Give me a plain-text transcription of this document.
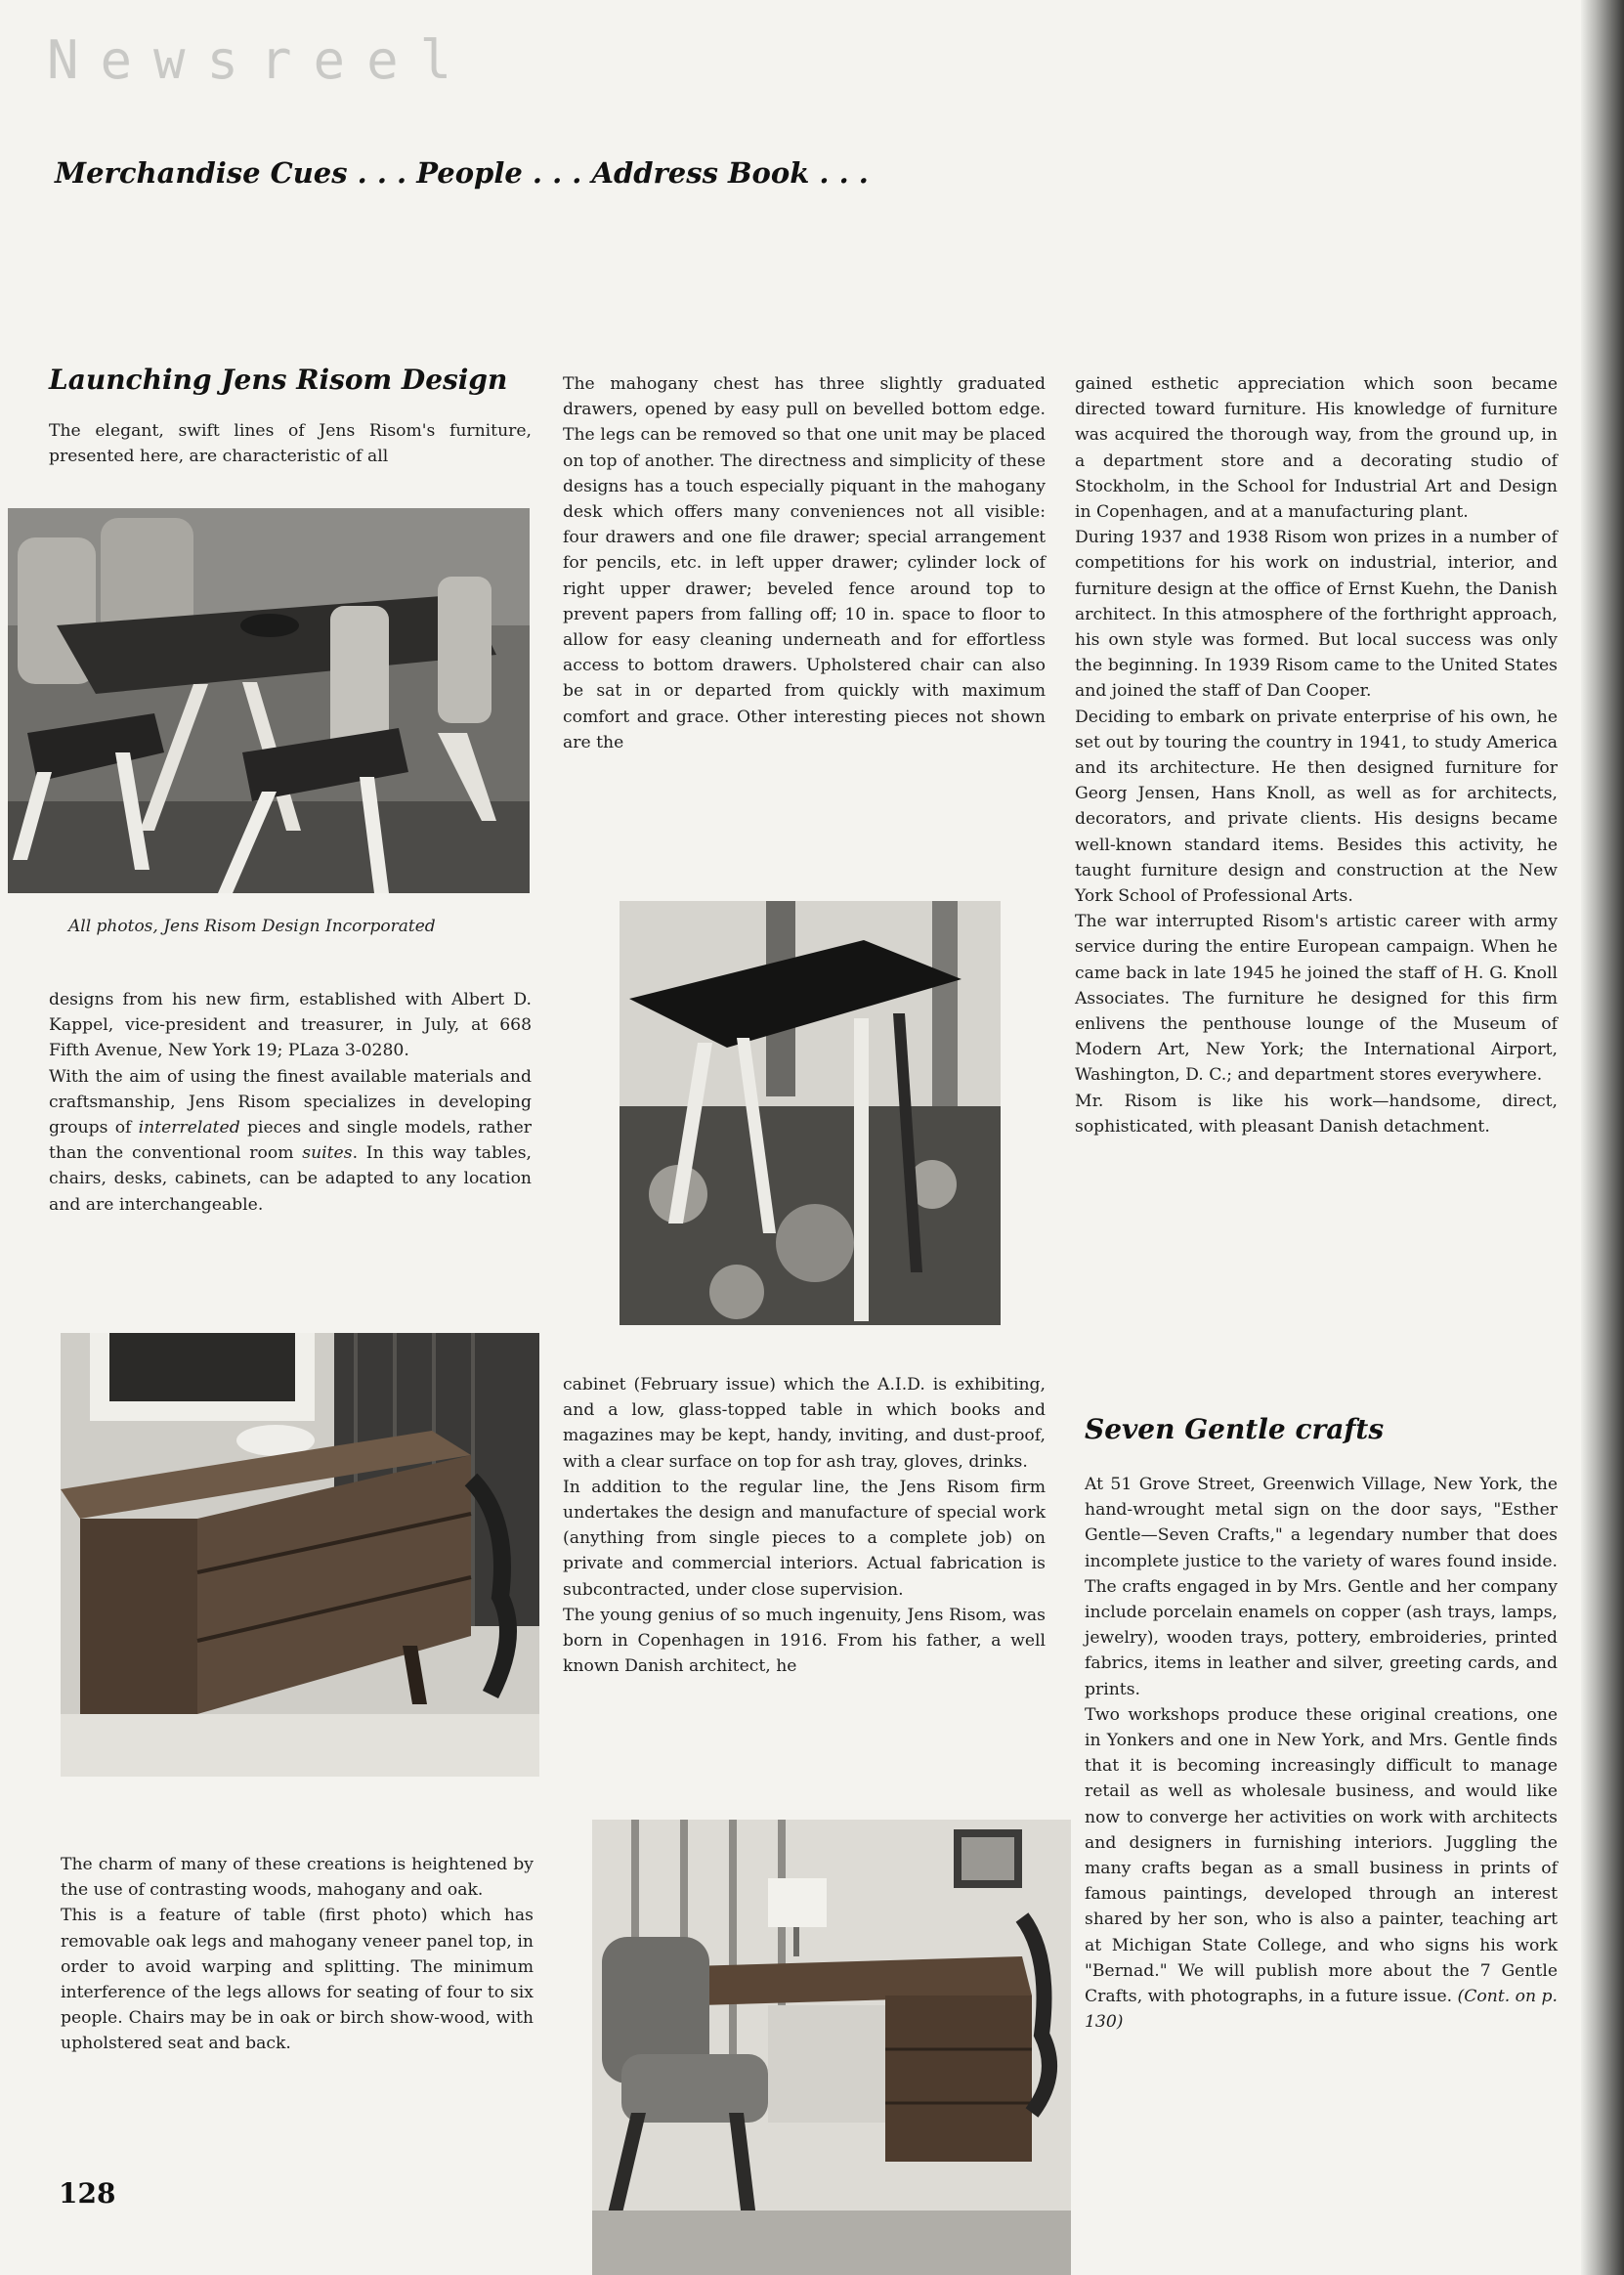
Newsreel
Merchandise Cues . . . People . . . Address Book . . .
Launching Jens Risom Design

The elegant, swift lines of Jens Risom's furniture, presented here, are characteristic of all

All photos, Jens Risom Design Incorporated

designs from his new firm, established with Albert D. Kappel, vice-president and treasurer, in July, at 668 Fifth Avenue, New York 19; PLaza 3-0280.

With the aim of using the finest available materials and craftsmanship, Jens Risom specializes in developing groups of interrelated pieces and single models, rather than the conventional room suites. In this way tables, chairs, desks, cabinets, can be adapted to any location and are interchangeable.

The charm of many of these creations is heightened by the use of contrasting woods, mahogany and oak.

This is a feature of table (first photo) which has removable oak legs and mahogany veneer panel top, in order to avoid warping and splitting. The minimum interference of the legs allows for seating of four to six people. Chairs may be in oak or birch show-wood, with upholstered seat and back.

128

The mahogany chest has three slightly graduated drawers, opened by easy pull on bevelled bottom edge. The legs can be removed so that one unit may be placed on top of another. The directness and simplicity of these designs has a touch especially piquant in the mahogany desk which offers many conveniences not all visible: four drawers and one file drawer; special arrangement for pencils, etc. in left upper drawer; cylinder lock of right upper drawer; beveled fence around top to prevent papers from falling off; 10 in. space to floor to allow for easy cleaning underneath and for effortless access to bottom drawers. Upholstered chair can also be sat in or departed from quickly with maximum comfort and grace. Other interesting pieces not shown are the

cabinet (February issue) which the A.I.D. is exhibiting, and a low, glass-topped table in which books and magazines may be kept, handy, inviting, and dust-proof, with a clear surface on top for ash tray, gloves, drinks.

In addition to the regular line, the Jens Risom firm undertakes the design and manufacture of special work (anything from single pieces to a complete job) on private and commercial interiors. Actual fabrication is subcontracted, under close supervision.

The young genius of so much ingenuity, Jens Risom, was born in Copenhagen in 1916. From his father, a well known Danish architect, he

gained esthetic appreciation which soon became directed toward furniture. His knowledge of furniture was acquired the thorough way, from the ground up, in a department store and a decorating studio of Stockholm, in the School for Industrial Art and Design in Copenhagen, and at a manufacturing plant.

During 1937 and 1938 Risom won prizes in a number of competitions for his work on industrial, interior, and furniture design at the office of Ernst Kuehn, the Danish architect. In this atmosphere of the forthright approach, his own style was formed. But local success was only the beginning. In 1939 Risom came to the United States and joined the staff of Dan Cooper.

Deciding to embark on private enterprise of his own, he set out by touring the country in 1941, to study America and its architecture. He then designed furniture for Georg Jensen, Hans Knoll, as well as for architects, decorators, and private clients. His designs became well-known standard items. Besides this activity, he taught furniture design and construction at the New York School of Professional Arts.

The war interrupted Risom's artistic career with army service during the entire European campaign. When he came back in late 1945 he joined the staff of H. G. Knoll Associates. The furniture he designed for this firm enlivens the penthouse lounge of the Museum of Modern Art, New York; the International Airport, Washington, D. C.; and department stores everywhere.

Mr. Risom is like his work—handsome, direct, sophisticated, with pleasant Danish detachment.

Seven Gentle crafts

At 51 Grove Street, Greenwich Village, New York, the hand-wrought metal sign on the door says, "Esther Gentle—Seven Crafts," a legendary number that does incomplete justice to the variety of wares found inside. The crafts engaged in by Mrs. Gentle and her company include porcelain enamels on copper (ash trays, lamps, jewelry), wooden trays, pottery, embroideries, printed fabrics, items in leather and silver, greeting cards, and prints.

Two workshops produce these original creations, one in Yonkers and one in New York, and Mrs. Gentle finds that it is becoming increasingly difficult to manage retail as well as wholesale business, and would like now to converge her activities on work with architects and designers in furnishing interiors. Juggling the many crafts began as a small business in prints of famous paintings, developed through an interest shared by her son, who is also a painter, teaching art at Michigan State College, and who signs his work "Bernad." We will publish more about the 7 Gentle Crafts, with photographs, in a future issue. (Cont. on p. 130)
